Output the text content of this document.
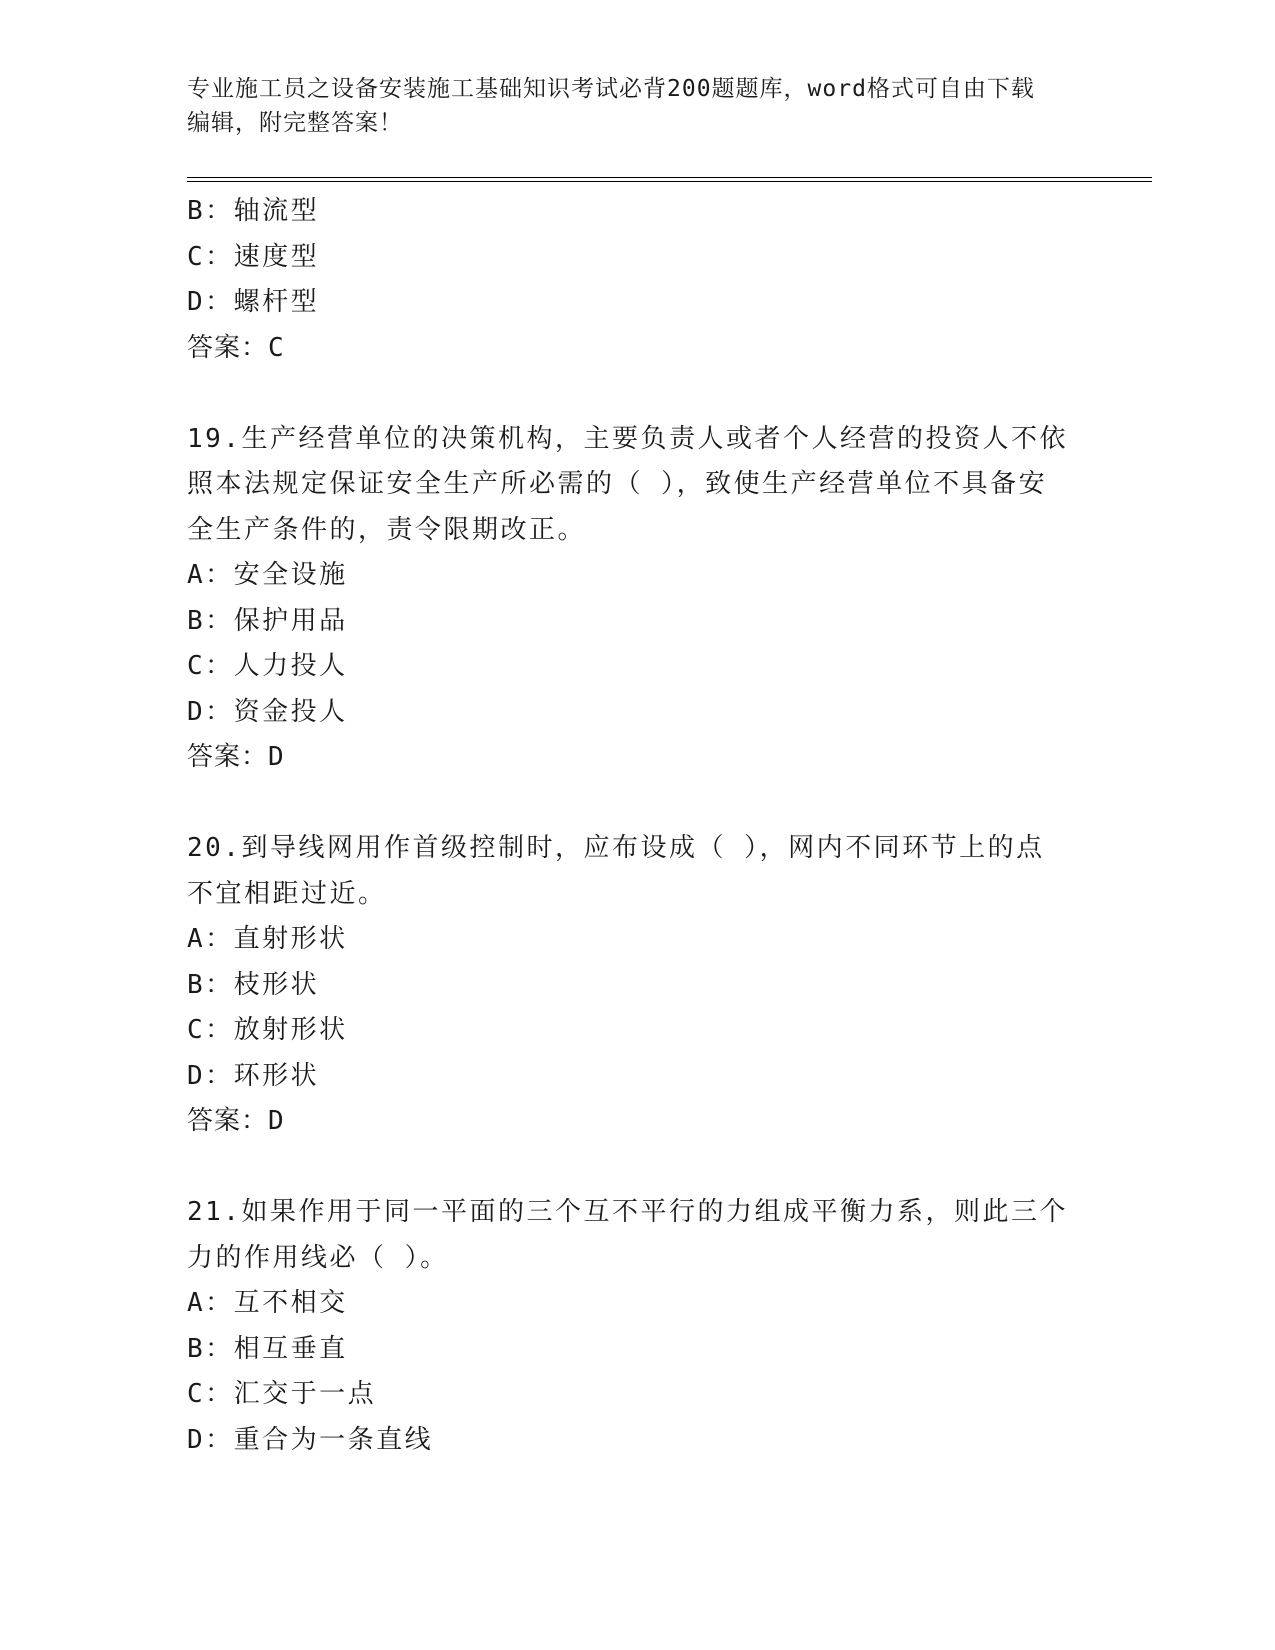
专业施工员之设备安装施工基础知识考试必背200题题库，word格式可自由下载
编辑，附完整答案！
B：轴流型
C：速度型
D：螺杆型
答案：C
19.生产经营单位的决策机构，主要负责人或者个人经营的投资人不依
照本法规定保证安全生产所必需的（ ），致使生产经营单位不具备安
全生产条件的，责令限期改正。
A：安全设施
B：保护用品
C：人力投人
D：资金投人
答案：D
20.到导线网用作首级控制时，应布设成（ ），网内不同环节上的点
不宜相距过近。
A：直射形状
B：枝形状
C：放射形状
D：环形状
答案：D
21.如果作用于同一平面的三个互不平行的力组成平衡力系，则此三个
力的作用线必（ ）。
A：互不相交
B：相互垂直
C：汇交于一点
D：重合为一条直线
